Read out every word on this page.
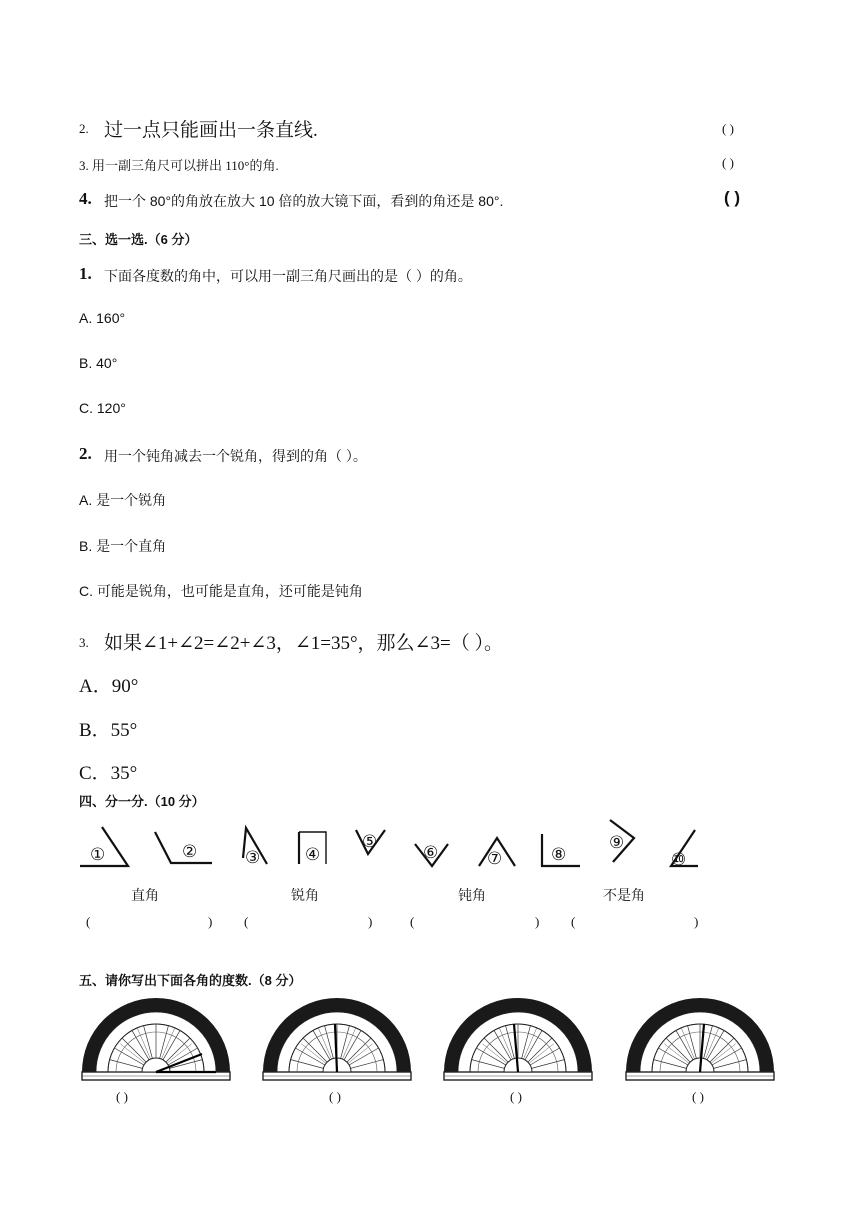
2. 过一点只能画出一条直线.	( )
3. 用一副三角尺可以拼出 110°的角.	( )
4. 把一个 80°的角放在放大 10 倍的放大镜下面，看到的角还是 80°.	( )
三、选一选.（6 分）
1. 下面各度数的角中，可以用一副三角尺画出的是（ ）的角。
A. 160°
B. 40°
C. 120°
2. 用一个钝角减去一个锐角，得到的角（ ）。
A. 是一个锐角
B. 是一个直角
C. 可能是锐角，也可能是直角，还可能是钝角
3. 如果∠1+∠2=∠2+∠3，∠1=35°，那么∠3=（ ）。
A．90°
B．55°
C．35°
四、分一分.（10 分）
①	②	③	④
⑤
⑥	⑦	⑧
⑨
⑩
直角	锐角	钝角	不是角
(	) (	)	(	) (	)
五、请你写出下面各角的度数.（8 分）
( )	( )	( )	( )
